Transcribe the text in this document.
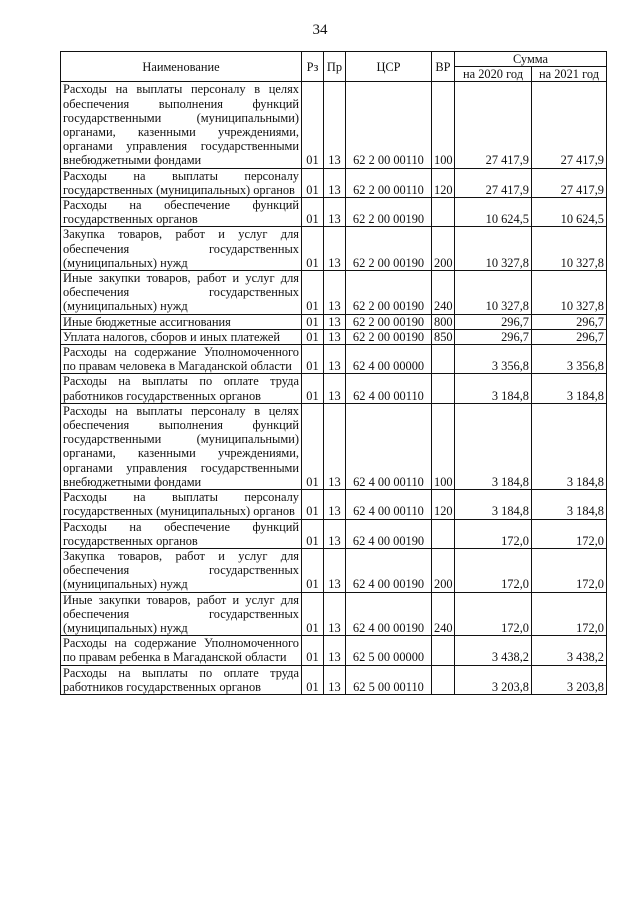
34
Наименование	Рз	Пр	ЦСР	ВР	Сумма	
					на 2020 год	на 2021 год
Расходы на выплаты персоналу в целях обеспечения выполнения функций государственными (муниципальными) органами, казенными учреждениями, органами управления государственными внебюджетными фондами	01	13	62 2 00 00110	100	27 417,9	27 417,9
Расходы на выплаты персоналу государственных (муниципальных) органов	01	13	62 2 00 00110	120	27 417,9	27 417,9
Расходы на обеспечение функций государственных органов	01	13	62 2 00 00190		10 624,5	10 624,5
Закупка товаров, работ и услуг для обеспечения государственных (муниципальных) нужд	01	13	62 2 00 00190	200	10 327,8	10 327,8
Иные закупки товаров, работ и услуг для обеспечения государственных (муниципальных) нужд	01	13	62 2 00 00190	240	10 327,8	10 327,8
Иные бюджетные ассигнования	01	13	62 2 00 00190	800	296,7	296,7
Уплата налогов, сборов и иных платежей	01	13	62 2 00 00190	850	296,7	296,7
Расходы на содержание Уполномоченного по правам человека в Магаданской области	01	13	62 4 00 00000		3 356,8	3 356,8
Расходы на выплаты по оплате труда работников государственных органов	01	13	62 4 00 00110		3 184,8	3 184,8
Расходы на выплаты персоналу в целях обеспечения выполнения функций государственными (муниципальными) органами, казенными учреждениями, органами управления государственными внебюджетными фондами	01	13	62 4 00 00110	100	3 184,8	3 184,8
Расходы на выплаты персоналу государственных (муниципальных) органов	01	13	62 4 00 00110	120	3 184,8	3 184,8
Расходы на обеспечение функций государственных органов	01	13	62 4 00 00190		172,0	172,0
Закупка товаров, работ и услуг для обеспечения государственных (муниципальных) нужд	01	13	62 4 00 00190	200	172,0	172,0
Иные закупки товаров, работ и услуг для обеспечения государственных (муниципальных) нужд	01	13	62 4 00 00190	240	172,0	172,0
Расходы на содержание Уполномоченного по правам ребенка в Магаданской области	01	13	62 5 00 00000		3 438,2	3 438,2
Расходы на выплаты по оплате труда работников государственных органов	01	13	62 5 00 00110		3 203,8	3 203,8
